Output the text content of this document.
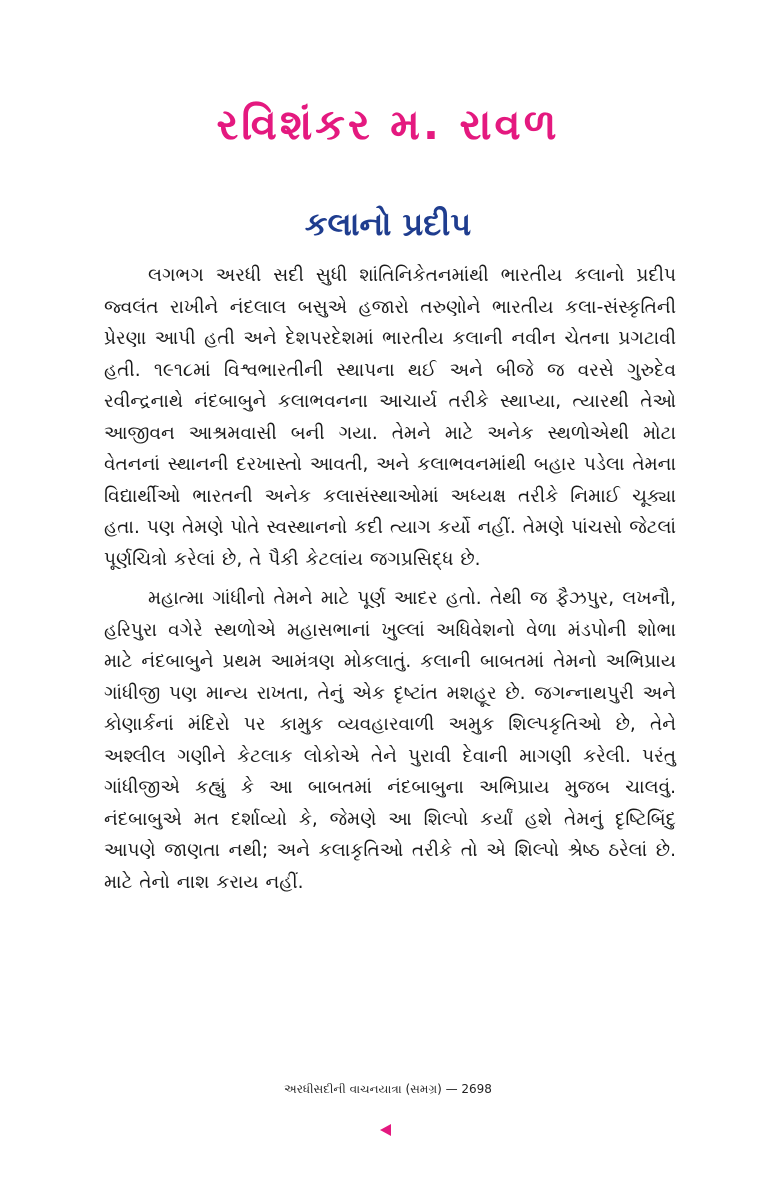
રવિશંકર મ. રાવળ
કલાનો પ્રદીપ

લગભગ અરધી સદી સુધી શાંતિનિકેતનમાંથી ભારતીય કલાનો પ્રદીપ જ્વલંત રાખીને નંદલાલ બસુએ હજારો તરુણોને ભારતીય કલા-સંસ્કૃતિની પ્રેરણા આપી હતી અને દેશપરદેશમાં ભારતીય કલાની નવીન ચેતના પ્રગટાવી હતી. ૧૯૧૮માં વિશ્વભારતીની સ્થાપના થઈ અને બીજે જ વરસે ગુરુદેવ રવીન્દ્રનાથે નંદબાબુને કલાભવનના આચાર્ય તરીકે સ્થાપ્યા, ત્યારથી તેઓ આજીવન આશ્રમવાસી બની ગયા. તેમને માટે અનેક સ્થળોએથી મોટા વેતનનાં સ્થાનની દરખાસ્તો આવતી, અને કલાભવનમાંથી બહાર પડેલા તેમના વિદ્યાર્થીઓ ભારતની અનેક કલાસંસ્થાઓમાં અધ્યક્ષ તરીકે નિમાઈ ચૂક્યા હતા. પણ તેમણે પોતે સ્વસ્થાનનો કદી ત્યાગ કર્યો નહીં. તેમણે પાંચસો જેટલાં પૂર્ણચિત્રો કરેલાં છે, તે પૈકી કેટલાંય જગપ્રસિદ્ધ છે.

મહાત્મા ગાંધીનો તેમને માટે પૂર્ણ આદર હતો. તેથી જ ફૈઝપુર, લખનૌ, હરિપુરા વગેરે સ્થળોએ મહાસભાનાં ખુલ્લાં અધિવેશનો વેળા મંડપોની શોભા માટે નંદબાબુને પ્રથમ આમંત્રણ મોકલાતું. કલાની બાબતમાં તેમનો અભિપ્રાય ગાંધીજી પણ માન્ય રાખતા, તેનું એક દૃષ્ટાંત મશહૂર છે. જગન્નાથપુરી અને કોણાર્કનાં મંદિરો પર કામુક વ્યવહારવાળી અમુક શિલ્પકૃતિઓ છે, તેને અશ્લીલ ગણીને કેટલાક લોકોએ તેને પુરાવી દેવાની માગણી કરેલી. પરંતુ ગાંધીજીએ કહ્યું કે આ બાબતમાં નંદબાબુના અભિપ્રાય મુજબ ચાલવું. નંદબાબુએ મત દર્શાવ્યો કે, જેમણે આ શિલ્પો કર્યાં હશે તેમનું દૃષ્ટિબિંદુ આપણે જાણતા નથી; અને કલાકૃતિઓ તરીકે તો એ શિલ્પો શ્રેષ્ઠ ઠરેલાં છે. માટે તેનો નાશ કરાય નહીં.

અરધીસદીની વાચનયાત્રા (સમગ્ર) — 2698
